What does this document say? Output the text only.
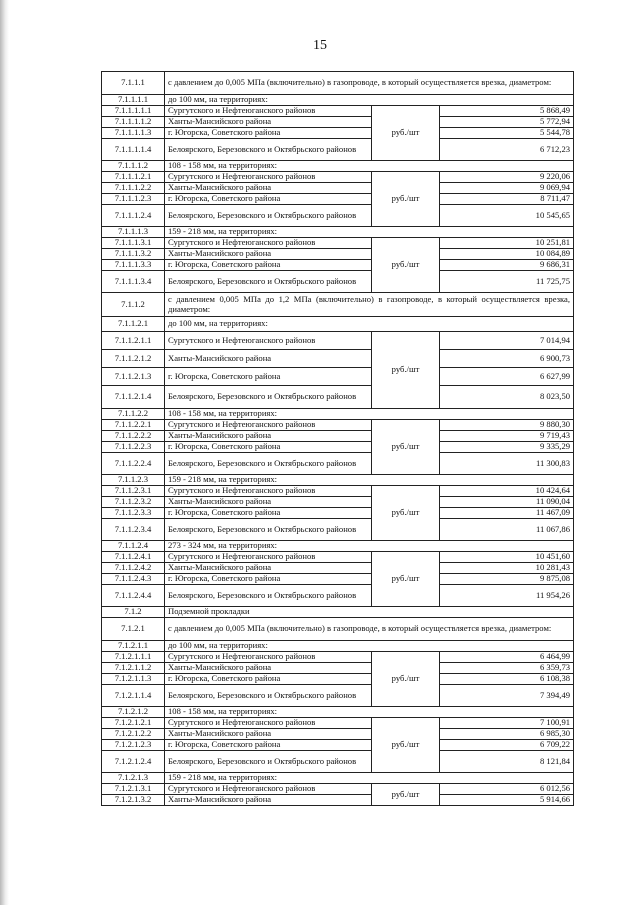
15
7.1.1.1	с давлением до 0,005 МПа (включительно) в газопроводе, в который осуществляется врезка, диаметром:		
7.1.1.1.1	до 100 мм, на территориях:		
7.1.1.1.1.1	Сургутского и Нефтеюганского районов	руб./шт	5 868,49
7.1.1.1.1.2	Ханты-Мансийского района		5 772,94
7.1.1.1.1.3	г. Югорска, Советского района		5 544,78
7.1.1.1.1.4	Белоярского, Березовского и Октябрьского районов		6 712,23
7.1.1.1.2	108 - 158 мм, на территориях:		
7.1.1.1.2.1	Сургутского и Нефтеюганского районов	руб./шт	9 220,06
7.1.1.1.2.2	Ханты-Мансийского района		9 069,94
7.1.1.1.2.3	г. Югорска, Советского района		8 711,47
7.1.1.1.2.4	Белоярского, Березовского и Октябрьского районов		10 545,65
7.1.1.1.3	159 - 218 мм, на территориях:		
7.1.1.1.3.1	Сургутского и Нефтеюганского районов	руб./шт	10 251,81
7.1.1.1.3.2	Ханты-Мансийского района		10 084,89
7.1.1.1.3.3	г. Югорска, Советского района		9 686,31
7.1.1.1.3.4	Белоярского, Березовского и Октябрьского районов		11 725,75
7.1.1.2	с давлением 0,005 МПа до 1,2 МПа (включительно) в газопроводе, в который осуществляется врезка, диаметром:		
7.1.1.2.1	до 100 мм, на территориях:		
7.1.1.2.1.1	Сургутского и Нефтеюганского районов	руб./шт	7 014,94
7.1.1.2.1.2	Ханты-Мансийского района		6 900,73
7.1.1.2.1.3	г. Югорска, Советского района		6 627,99
7.1.1.2.1.4	Белоярского, Березовского и Октябрьского районов		8 023,50
7.1.1.2.2	108 - 158 мм, на территориях:		
7.1.1.2.2.1	Сургутского и Нефтеюганского районов	руб./шт	9 880,30
7.1.1.2.2.2	Ханты-Мансийского района		9 719,43
7.1.1.2.2.3	г. Югорска, Советского района		9 335,29
7.1.1.2.2.4	Белоярского, Березовского и Октябрьского районов		11 300,83
7.1.1.2.3	159 - 218 мм, на территориях:		
7.1.1.2.3.1	Сургутского и Нефтеюганского районов	руб./шт	10 424,64
7.1.1.2.3.2	Ханты-Мансийского района		11 090,04
7.1.1.2.3.3	г. Югорска, Советского района		11 467,09
7.1.1.2.3.4	Белоярского, Березовского и Октябрьского районов		11 067,86
7.1.1.2.4	273 - 324 мм, на территориях:		
7.1.1.2.4.1	Сургутского и Нефтеюганского районов	руб./шт	10 451,60
7.1.1.2.4.2	Ханты-Мансийского района		10 281,43
7.1.1.2.4.3	г. Югорска, Советского района		9 875,08
7.1.1.2.4.4	Белоярского, Березовского и Октябрьского районов		11 954,26
7.1.2	Подземной прокладки		
7.1.2.1	с давлением до 0,005 МПа (включительно) в газопроводе, в который осуществляется врезка, диаметром:		
7.1.2.1.1	до 100 мм, на территориях:		
7.1.2.1.1.1	Сургутского и Нефтеюганского районов	руб./шт	6 464,99
7.1.2.1.1.2	Ханты-Мансийского района		6 359,73
7.1.2.1.1.3	г. Югорска, Советского района		6 108,38
7.1.2.1.1.4	Белоярского, Березовского и Октябрьского районов		7 394,49
7.1.2.1.2	108 - 158 мм, на территориях:		
7.1.2.1.2.1	Сургутского и Нефтеюганского районов	руб./шт	7 100,91
7.1.2.1.2.2	Ханты-Мансийского района		6 985,30
7.1.2.1.2.3	г. Югорска, Советского района		6 709,22
7.1.2.1.2.4	Белоярского, Березовского и Октябрьского районов		8 121,84
7.1.2.1.3	159 - 218 мм, на территориях:		
7.1.2.1.3.1	Сургутского и Нефтеюганского районов	руб./шт	6 012,56
7.1.2.1.3.2	Ханты-Мансийского района		5 914,66
